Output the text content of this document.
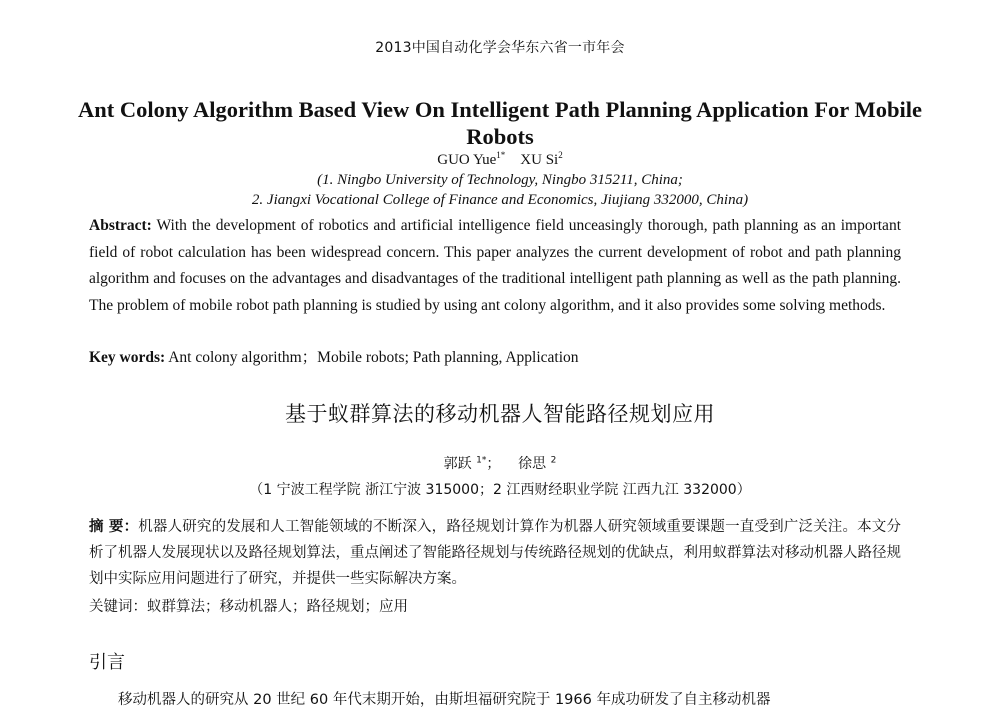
2013中国自动化学会华东六省一市年会
Ant Colony Algorithm Based View On Intelligent Path Planning Application For Mobile Robots
GUO Yue$^{1*}$ XU Si$^2$
(1. Ningbo University of Technology, Ningbo 315211, China;
2. Jiangxi Vocational College of Finance and Economics, Jiujiang 332000, China)
Abstract: With the development of robotics and artificial intelligence field unceasingly thorough, path planning as an important field of robot calculation has been widespread concern. This paper analyzes the current development of robot and path planning algorithm and focuses on the advantages and disadvantages of the traditional intelligent path planning as well as the path planning. The problem of mobile robot path planning is studied by using ant colony algorithm, and it also provides some solving methods.
Key words: Ant colony algorithm；Mobile robots; Path planning, Application
基于蚁群算法的移动机器人智能路径规划应用
郭跃 $^{1*}$； 徐思 $^2$
（1 宁波工程学院 浙江宁波 315000；2 江西财经职业学院 江西九江 332000）
摘 要：机器人研究的发展和人工智能领域的不断深入，路径规划计算作为机器人研究领域重要课题一直受到广泛关注。本文分析了机器人发展现状以及路径规划算法，重点阐述了智能路径规划与传统路径规划的优缺点，利用蚁群算法对移动机器人路径规划中实际应用问题进行了研究，并提供一些实际解决方案。
关键词：蚁群算法；移动机器人；路径规划；应用
引言
移动机器人的研究从 20 世纪 60 年代末期开始，由斯坦福研究院于 1966 年成功研发了自主移动机器
